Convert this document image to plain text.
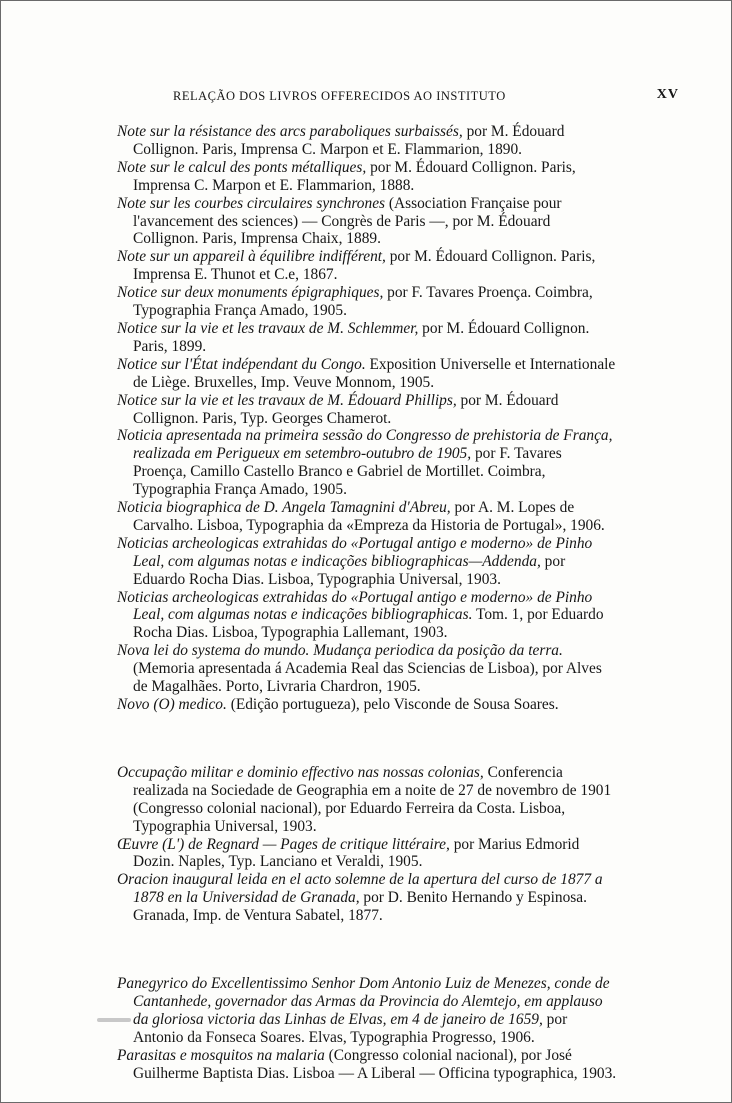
RELAÇÃO DOS LIVROS OFFERECIDOS AO INSTITUTO	XV

Note sur la résistance des arcs paraboliques surbaissés, por M. Édouard Collignon. Paris, Imprensa C. Marpon et E. Flammarion, 1890.

Note sur le calcul des ponts métalliques, por M. Édouard Collignon. Paris, Imprensa C. Marpon et E. Flammarion, 1888.

Note sur les courbes circulaires synchrones (Association Française pour l'avancement des sciences) — Congrès de Paris —, por M. Édouard Collignon. Paris, Imprensa Chaix, 1889.

Note sur un appareil à équilibre indifférent, por M. Édouard Collignon. Paris, Imprensa E. Thunot et C.e, 1867.

Notice sur deux monuments épigraphiques, por F. Tavares Proença. Coimbra, Typographia França Amado, 1905.

Notice sur la vie et les travaux de M. Schlemmer, por M. Édouard Collignon. Paris, 1899.

Notice sur l'État indépendant du Congo. Exposition Universelle et Internationale de Liège. Bruxelles, Imp. Veuve Monnom, 1905.

Notice sur la vie et les travaux de M. Édouard Phillips, por M. Édouard Collignon. Paris, Typ. Georges Chamerot.

Noticia apresentada na primeira sessão do Congresso de prehistoria de França, realizada em Perigueux em setembro-outubro de 1905, por F. Tavares Proença, Camillo Castello Branco e Gabriel de Mortillet. Coimbra, Typographia França Amado, 1905.

Noticia biographica de D. Angela Tamagnini d'Abreu, por A. M. Lopes de Carvalho. Lisboa, Typographia da «Empreza da Historia de Portugal», 1906.

Noticias archeologicas extrahidas do «Portugal antigo e moderno» de Pinho Leal, com algumas notas e indicações bibliographicas—Addenda, por Eduardo Rocha Dias. Lisboa, Typographia Universal, 1903.

Noticias archeologicas extrahidas do «Portugal antigo e moderno» de Pinho Leal, com algumas notas e indicações bibliographicas. Tom. 1, por Eduardo Rocha Dias. Lisboa, Typographia Lallemant, 1903.

Nova lei do systema do mundo. Mudança periodica da posição da terra. (Memoria apresentada á Academia Real das Sciencias de Lisboa), por Alves de Magalhães. Porto, Livraria Chardron, 1905.

Novo (O) medico. (Edição portugueza), pelo Visconde de Sousa Soares.

Occupação militar e dominio effectivo nas nossas colonias, Conferencia realizada na Sociedade de Geographia em a noite de 27 de novembro de 1901 (Congresso colonial nacional), por Eduardo Ferreira da Costa. Lisboa, Typographia Universal, 1903.

Œuvre (L') de Regnard — Pages de critique littéraire, por Marius Edmorid Dozin. Naples, Typ. Lanciano et Veraldi, 1905.

Oracion inaugural leida en el acto solemne de la apertura del curso de 1877 a 1878 en la Universidad de Granada, por D. Benito Hernando y Espinosa. Granada, Imp. de Ventura Sabatel, 1877.

Panegyrico do Excellentissimo Senhor Dom Antonio Luiz de Menezes, conde de Cantanhede, governador das Armas da Provincia do Alemtejo, em applauso da gloriosa victoria das Linhas de Elvas, em 4 de janeiro de 1659, por Antonio da Fonseca Soares. Elvas, Typographia Progresso, 1906.

Parasitas e mosquitos na malaria (Congresso colonial nacional), por José Guilherme Baptista Dias. Lisboa — A Liberal — Officina typographica, 1903.
